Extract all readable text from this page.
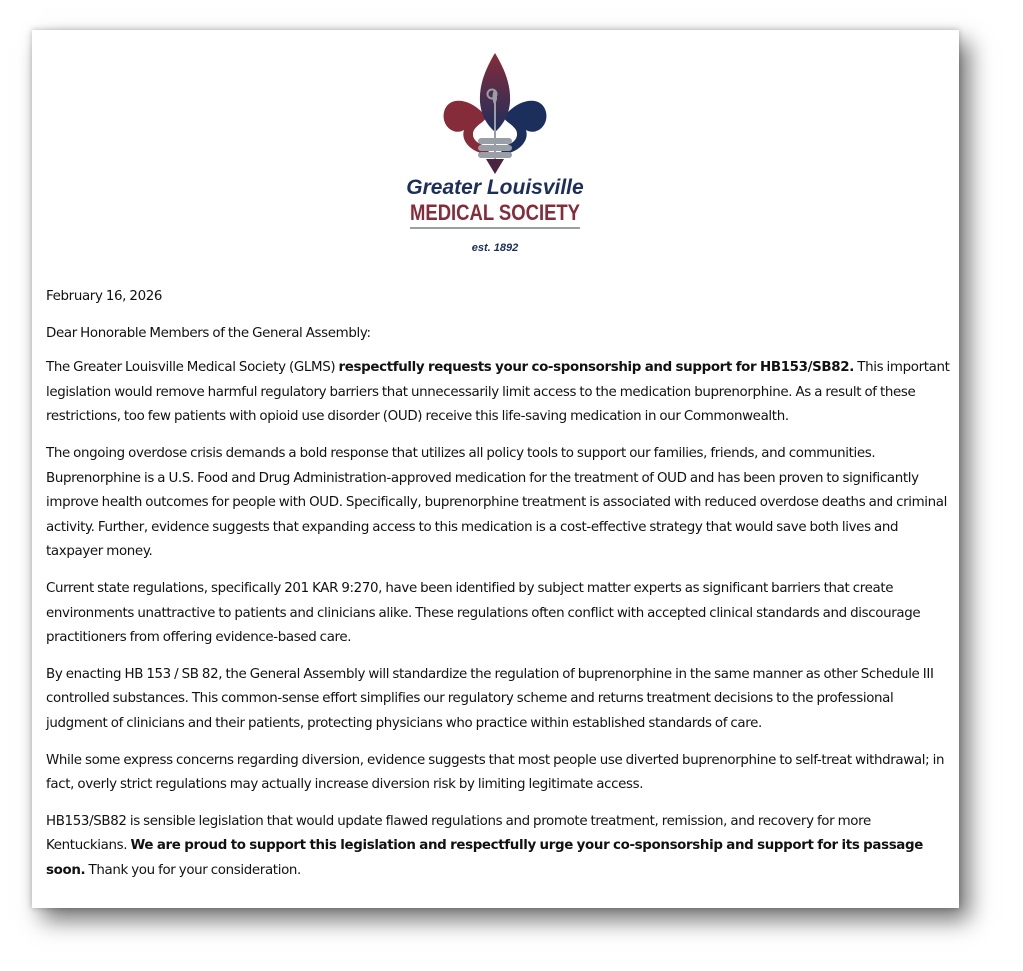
Greater Louisville
MEDICAL SOCIETY
est. 1892

February 16, 2026

Dear Honorable Members of the General Assembly:

The Greater Louisville Medical Society (GLMS) respectfully requests your co-sponsorship and support for HB153/SB82. This important legislation would remove harmful regulatory barriers that unnecessarily limit access to the medication buprenorphine. As a result of these restrictions, too few patients with opioid use disorder (OUD) receive this life-saving medication in our Commonwealth.

The ongoing overdose crisis demands a bold response that utilizes all policy tools to support our families, friends, and communities. Buprenorphine is a U.S. Food and Drug Administration-approved medication for the treatment of OUD and has been proven to significantly improve health outcomes for people with OUD. Specifically, buprenorphine treatment is associated with reduced overdose deaths and criminal activity. Further, evidence suggests that expanding access to this medication is a cost-effective strategy that would save both lives and taxpayer money.

Current state regulations, specifically 201 KAR 9:270, have been identified by subject matter experts as significant barriers that create environments unattractive to patients and clinicians alike. These regulations often conflict with accepted clinical standards and discourage practitioners from offering evidence-based care.

By enacting HB 153 / SB 82, the General Assembly will standardize the regulation of buprenorphine in the same manner as other Schedule III controlled substances. This common-sense effort simplifies our regulatory scheme and returns treatment decisions to the professional judgment of clinicians and their patients, protecting physicians who practice within established standards of care.

While some express concerns regarding diversion, evidence suggests that most people use diverted buprenorphine to self-treat withdrawal; in fact, overly strict regulations may actually increase diversion risk by limiting legitimate access.

HB153/SB82 is sensible legislation that would update flawed regulations and promote treatment, remission, and recovery for more Kentuckians. We are proud to support this legislation and respectfully urge your co-sponsorship and support for its passage soon. Thank you for your consideration.
